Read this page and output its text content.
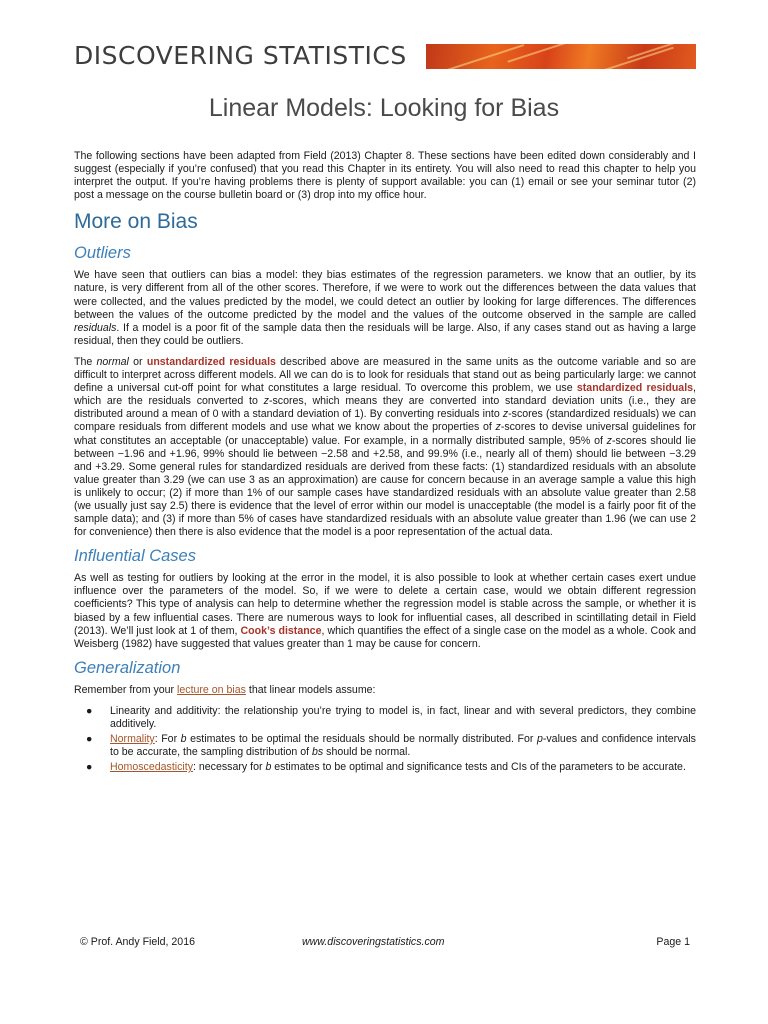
DISCOVERING STATISTICS
Linear Models: Looking for Bias

The following sections have been adapted from Field (2013) Chapter 8. These sections have been edited down considerably and I suggest (especially if you’re confused) that you read this Chapter in its entirety. You will also need to read this chapter to help you interpret the output. If you’re having problems there is plenty of support available: you can (1) email or see your seminar tutor (2) post a message on the course bulletin board or (3) drop into my office hour.

More on Bias
Outliers

We have seen that outliers can bias a model: they bias estimates of the regression parameters. we know that an outlier, by its nature, is very different from all of the other scores. Therefore, if we were to work out the differences between the data values that were collected, and the values predicted by the model, we could detect an outlier by looking for large differences. The differences between the values of the outcome predicted by the model and the values of the outcome observed in the sample are called residuals. If a model is a poor fit of the sample data then the residuals will be large. Also, if any cases stand out as having a large residual, then they could be outliers.

The normal or unstandardized residuals described above are measured in the same units as the outcome variable and so are difficult to interpret across different models. All we can do is to look for residuals that stand out as being particularly large: we cannot define a universal cut-off point for what constitutes a large residual. To overcome this problem, we use standardized residuals, which are the residuals converted to z-scores, which means they are converted into standard deviation units (i.e., they are distributed around a mean of 0 with a standard deviation of 1). By converting residuals into z-scores (standardized residuals) we can compare residuals from different models and use what we know about the properties of z-scores to devise universal guidelines for what constitutes an acceptable (or unacceptable) value. For example, in a normally distributed sample, 95% of z-scores should lie between −1.96 and +1.96, 99% should lie between −2.58 and +2.58, and 99.9% (i.e., nearly all of them) should lie between −3.29 and +3.29. Some general rules for standardized residuals are derived from these facts: (1) standardized residuals with an absolute value greater than 3.29 (we can use 3 as an approximation) are cause for concern because in an average sample a value this high is unlikely to occur; (2) if more than 1% of our sample cases have standardized residuals with an absolute value greater than 2.58 (we usually just say 2.5) there is evidence that the level of error within our model is unacceptable (the model is a fairly poor fit of the sample data); and (3) if more than 5% of cases have standardized residuals with an absolute value greater than 1.96 (we can use 2 for convenience) then there is also evidence that the model is a poor representation of the actual data.

Influential Cases

As well as testing for outliers by looking at the error in the model, it is also possible to look at whether certain cases exert undue influence over the parameters of the model. So, if we were to delete a certain case, would we obtain different regression coefficients? This type of analysis can help to determine whether the regression model is stable across the sample, or whether it is biased by a few influential cases. There are numerous ways to look for influential cases, all described in scintillating detail in Field (2013). We’ll just look at 1 of them, Cook’s distance, which quantifies the effect of a single case on the model as a whole. Cook and Weisberg (1982) have suggested that values greater than 1 may be cause for concern.

Generalization

Remember from your lecture on bias that linear models assume:

● Linearity and additivity: the relationship you’re trying to model is, in fact, linear and with several predictors, they combine additively.
● Normality: For b estimates to be optimal the residuals should be normally distributed. For p-values and confidence intervals to be accurate, the sampling distribution of bs should be normal.
● Homoscedasticity: necessary for b estimates to be optimal and significance tests and CIs of the parameters to be accurate.
© Prof. Andy Field, 2016	www.discoveringstatistics.com	Page 1
